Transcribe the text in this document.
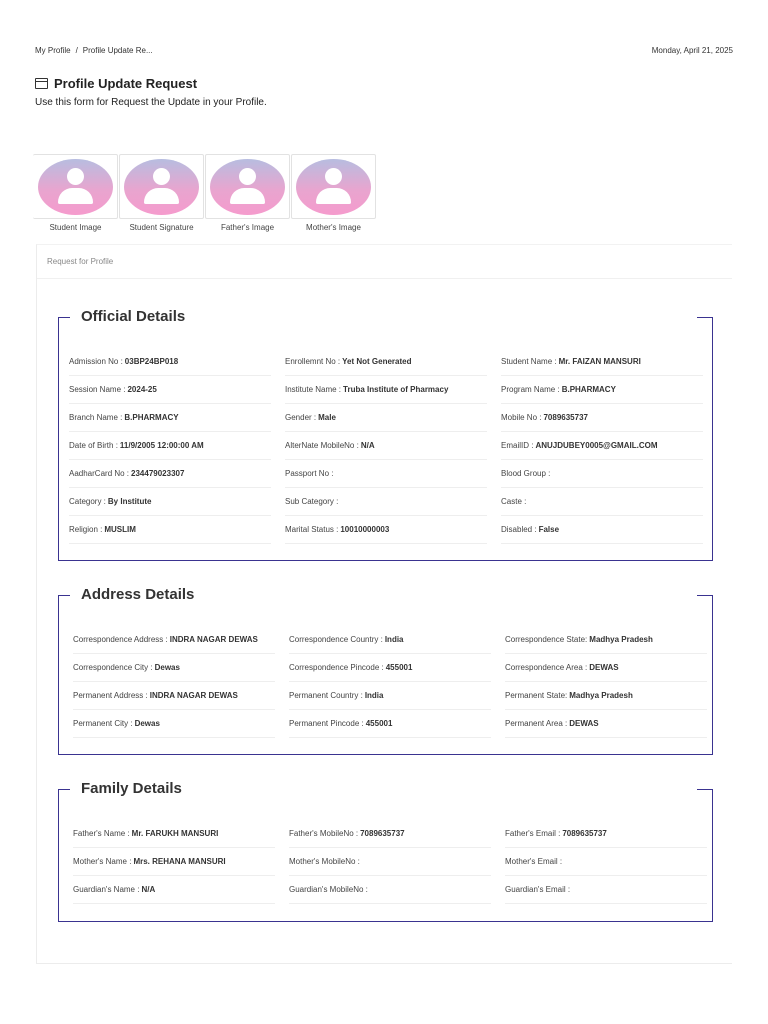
My Profile / Profile Update Re...	Monday, April 21, 2025
Profile Update Request
Use this form for Request the Update in your Profile.
Student Image	Student Signature	Father's Image	Mother's Image
Request for Profile
Official Details
Admission No : 03BP24BP018	Enrollemnt No : Yet Not Generated	Student Name : Mr. FAIZAN MANSURI
Session Name : 2024-25	Institute Name : Truba Institute of Pharmacy	Program Name : B.PHARMACY
Branch Name : B.PHARMACY	Gender : Male	Mobile No : 7089635737
Date of Birth : 11/9/2005 12:00:00 AM	AlterNate MobileNo : N/A	EmailID : ANUJDUBEY0005@GMAIL.COM
AadharCard No : 234479023307	Passport No :	Blood Group :
Category : By Institute	Sub Category :	Caste :
Religion : MUSLIM	Marital Status : 10010000003	Disabled : False
Address Details
Correspondence Address : INDRA NAGAR DEWAS	Correspondence Country : India	Correspondence State: Madhya Pradesh
Correspondence City : Dewas	Correspondence Pincode : 455001	Correspondence Area : DEWAS
Permanent Address : INDRA NAGAR DEWAS	Permanent Country : India	Permanent State: Madhya Pradesh
Permanent City : Dewas	Permanent Pincode : 455001	Permanent Area : DEWAS
Family Details
Father's Name : Mr. FARUKH MANSURI	Father's MobileNo : 7089635737	Father's Email : 7089635737
Mother's Name : Mrs. REHANA MANSURI	Mother's MobileNo :	Mother's Email :
Guardian's Name : N/A	Guardian's MobileNo :	Guardian's Email :
